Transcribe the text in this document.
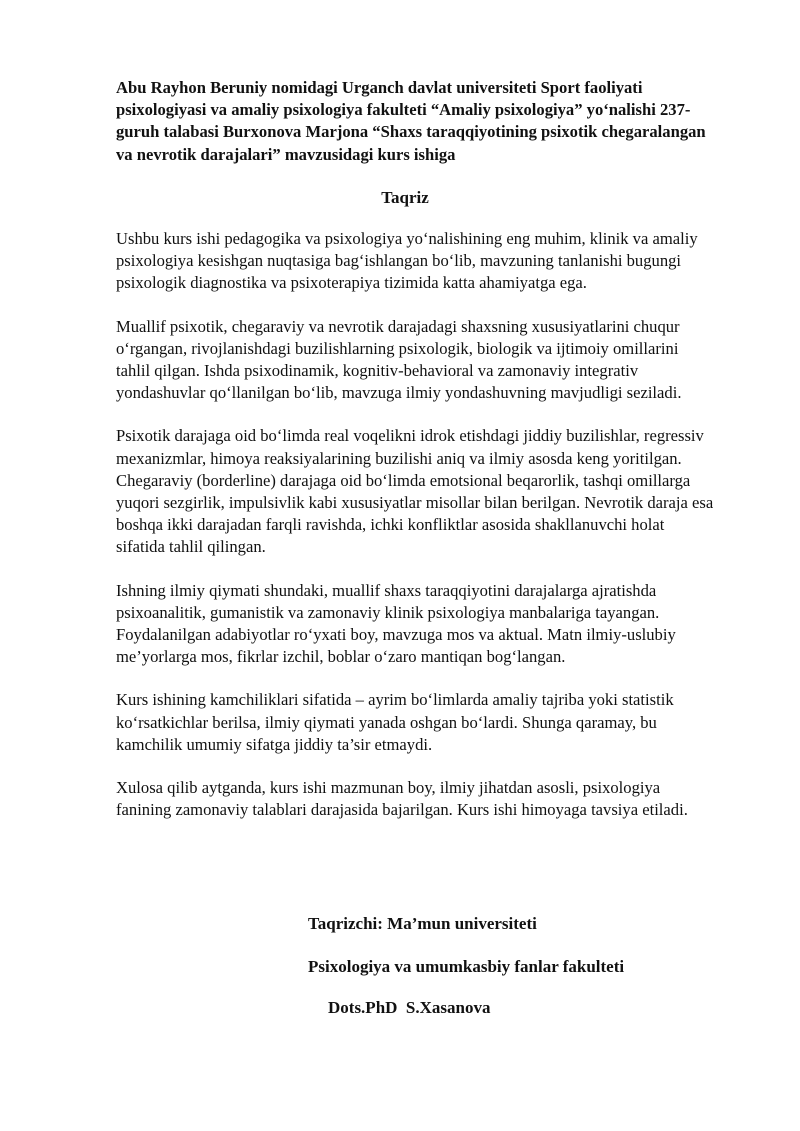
Abu Rayhon Beruniy nomidagi Urganch davlat universiteti Sport faoliyati psixologiyasi va amaliy psixologiya fakulteti “Amaliy psixologiya” yo‘nalishi 237-guruh talabasi Burxonova Marjona “Shaxs taraqqiyotining psixotik chegaralangan va nevrotik darajalari” mavzusidagi kurs ishiga

Taqriz

Ushbu kurs ishi pedagogika va psixologiya yo‘nalishining eng muhim, klinik va amaliy psixologiya kesishgan nuqtasiga bag‘ishlangan bo‘lib, mavzuning tanlanishi bugungi psixologik diagnostika va psixoterapiya tizimida katta ahamiyatga ega.

Muallif psixotik, chegaraviy va nevrotik darajadagi shaxsning xususiyatlarini chuqur o‘rgangan, rivojlanishdagi buzilishlarning psixologik, biologik va ijtimoiy omillarini tahlil qilgan. Ishda psixodinamik, kognitiv-behavioral va zamonaviy integrativ yondashuvlar qo‘llanilgan bo‘lib, mavzuga ilmiy yondashuvning mavjudligi seziladi.

Psixotik darajaga oid bo‘limda real voqelikni idrok etishdagi jiddiy buzilishlar, regressiv mexanizmlar, himoya reaksiyalarining buzilishi aniq va ilmiy asosda keng yoritilgan. Chegaraviy (borderline) darajaga oid bo‘limda emotsional beqarorlik, tashqi omillarga yuqori sezgirlik, impulsivlik kabi xususiyatlar misollar bilan berilgan. Nevrotik daraja esa boshqa ikki darajadan farqli ravishda, ichki konfliktlar asosida shakllanuvchi holat sifatida tahlil qilingan.

Ishning ilmiy qiymati shundaki, muallif shaxs taraqqiyotini darajalarga ajratishda psixoanalitik, gumanistik va zamonaviy klinik psixologiya manbalariga tayangan. Foydalanilgan adabiyotlar ro‘yxati boy, mavzuga mos va aktual. Matn ilmiy-uslubiy me’yorlarga mos, fikrlar izchil, boblar o‘zaro mantiqan bog‘langan.

Kurs ishining kamchiliklari sifatida – ayrim bo‘limlarda amaliy tajriba yoki statistik ko‘rsatkichlar berilsa, ilmiy qiymati yanada oshgan bo‘lardi. Shunga qaramay, bu kamchilik umumiy sifatga jiddiy ta’sir etmaydi.

Xulosa qilib aytganda, kurs ishi mazmunan boy, ilmiy jihatdan asosli, psixologiya fanining zamonaviy talablari darajasida bajarilgan. Kurs ishi himoyaga tavsiya etiladi.

Taqrizchi: Ma’mun universiteti

Psixologiya va umumkasbiy fanlar fakulteti

Dots.PhD  S.Xasanova
